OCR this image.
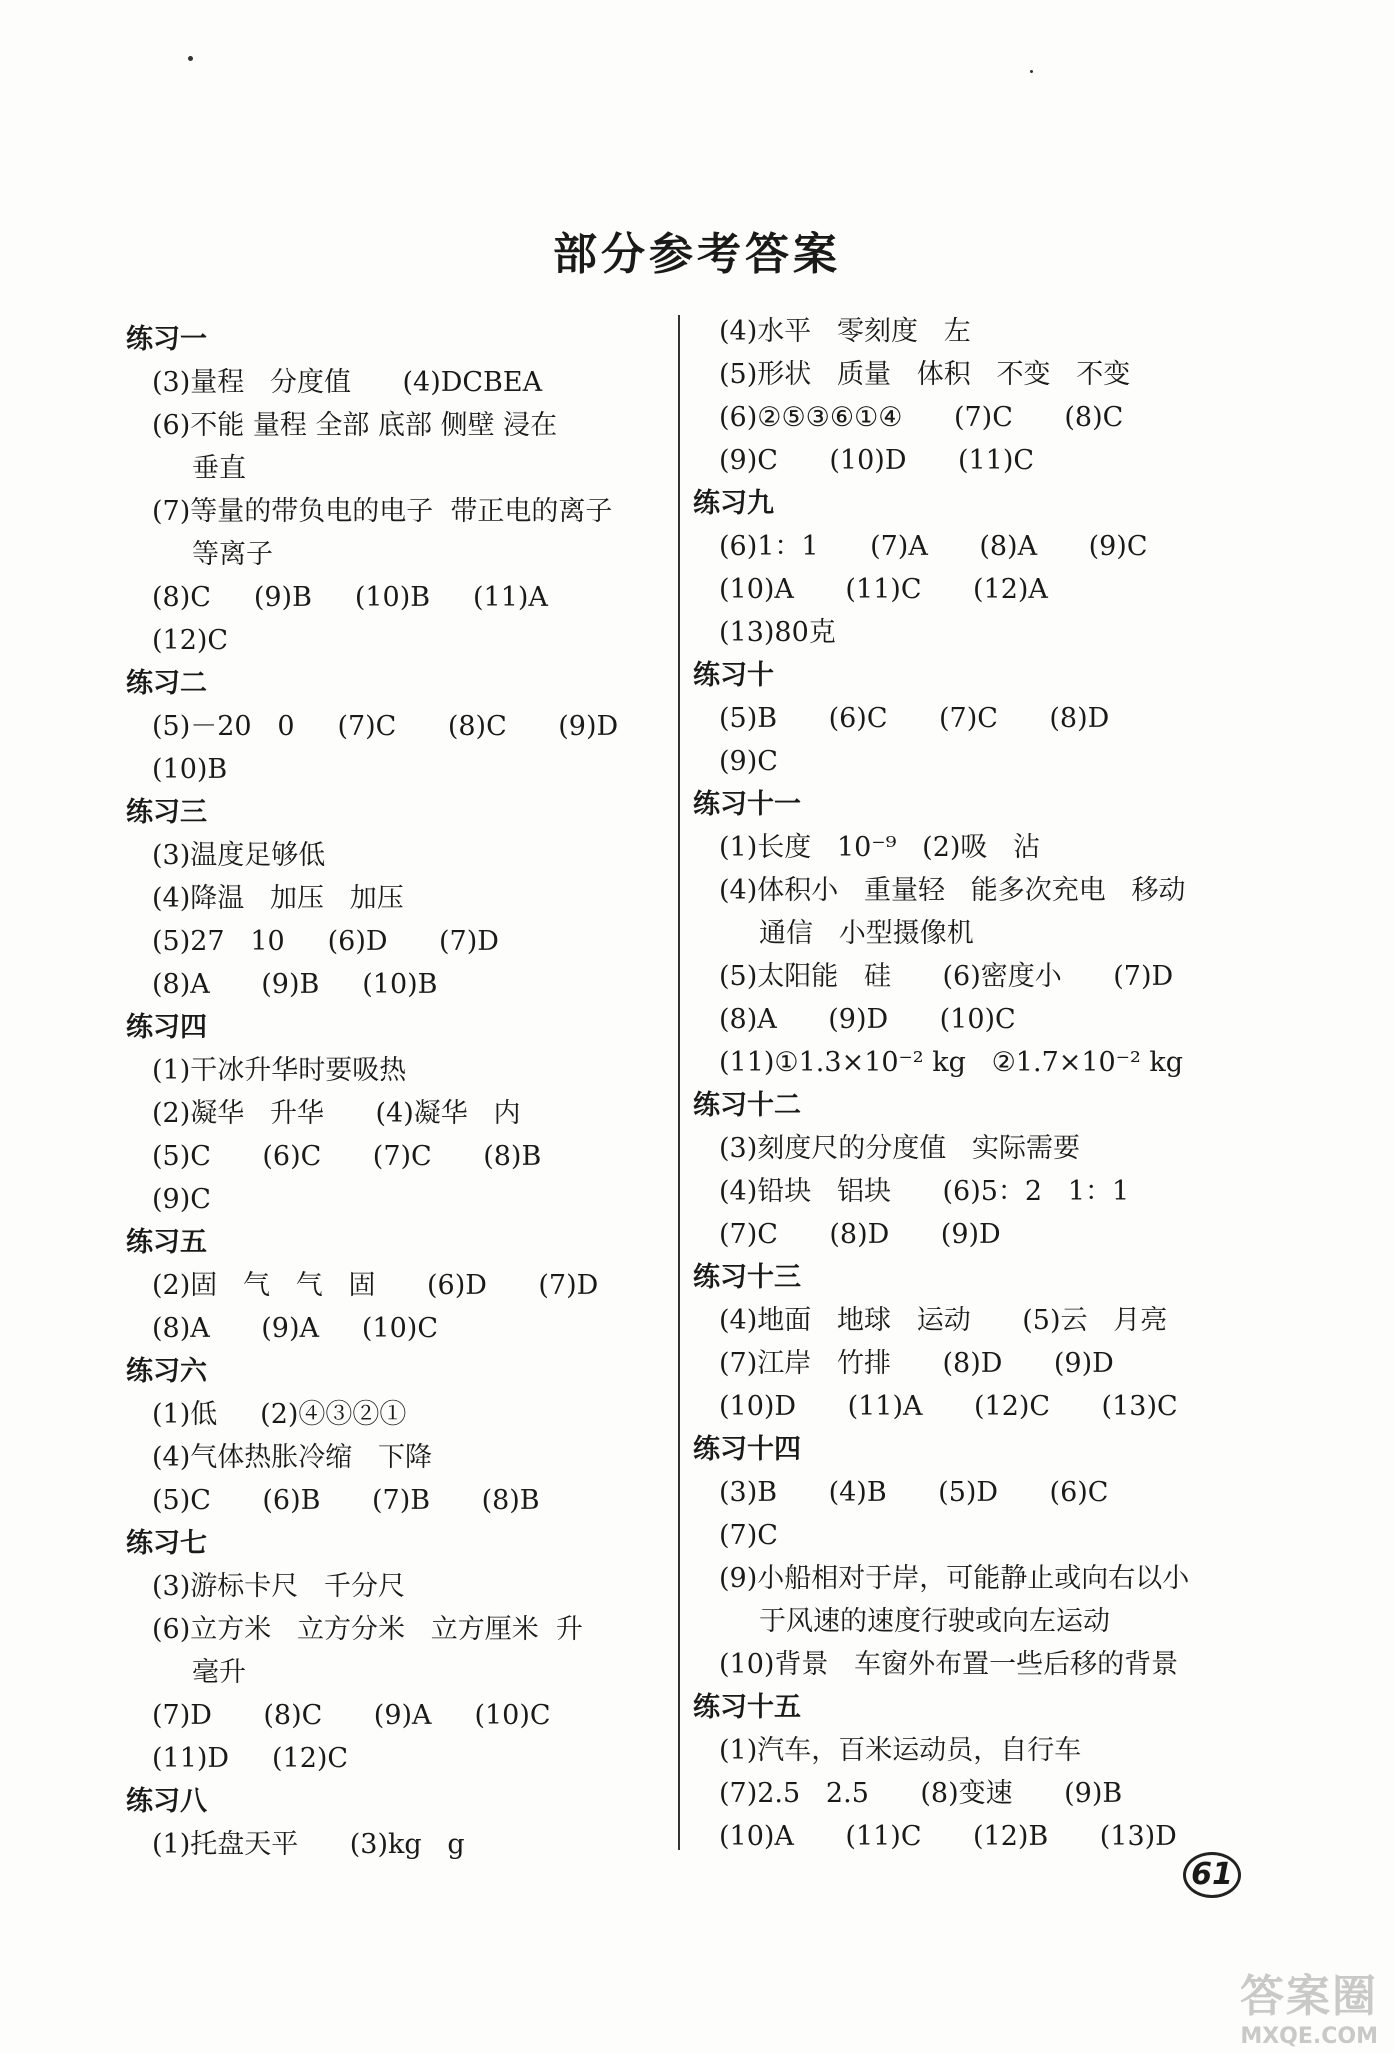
部分参考答案
练习一
(3)量程   分度值      (4)DCBEA
(6)不能 量程 全部 底部 侧壁 浸在
垂直
(7)等量的带负电的电子  带正电的离子
等离子
(8)C     (9)B     (10)B     (11)A
(12)C
练习二
(5)－20   0     (7)C      (8)C      (9)D
(10)B
练习三
(3)温度足够低
(4)降温   加压   加压
(5)27   10     (6)D      (7)D
(8)A      (9)B     (10)B
练习四
(1)干冰升华时要吸热
(2)凝华   升华      (4)凝华   内
(5)C      (6)C      (7)C      (8)B
(9)C
练习五
(2)固   气   气   固      (6)D      (7)D
(8)A      (9)A     (10)C
练习六
(1)低     (2)④③②①
(4)气体热胀冷缩   下降
(5)C      (6)B      (7)B      (8)B
练习七
(3)游标卡尺   千分尺
(6)立方米   立方分米   立方厘米  升
毫升
(7)D      (8)C      (9)A     (10)C
(11)D     (12)C
练习八
(1)托盘天平      (3)kg   g
(4)水平   零刻度   左
(5)形状   质量   体积   不变   不变
(6)②⑤③⑥①④      (7)C      (8)C
(9)C      (10)D      (11)C
练习九
(6)1：1      (7)A      (8)A      (9)C
(10)A      (11)C      (12)A
(13)80克
练习十
(5)B      (6)C      (7)C      (8)D
(9)C
练习十一
(1)长度   10⁻⁹   (2)吸   沾
(4)体积小   重量轻   能多次充电   移动
通信   小型摄像机
(5)太阳能   硅      (6)密度小      (7)D
(8)A      (9)D      (10)C
(11)①1.3×10⁻² kg   ②1.7×10⁻² kg
练习十二
(3)刻度尺的分度值   实际需要
(4)铅块   铝块      (6)5：2   1：1
(7)C      (8)D      (9)D
练习十三
(4)地面   地球   运动      (5)云   月亮
(7)江岸   竹排      (8)D      (9)D
(10)D      (11)A      (12)C      (13)C
练习十四
(3)B      (4)B      (5)D      (6)C
(7)C
(9)小船相对于岸，可能静止或向右以小
于风速的速度行驶或向左运动
(10)背景   车窗外布置一些后移的背景
练习十五
(1)汽车，百米运动员，自行车
(7)2.5   2.5      (8)变速      (9)B
(10)A      (11)C      (12)B      (13)D
61
答案圈
MXQE.COM
